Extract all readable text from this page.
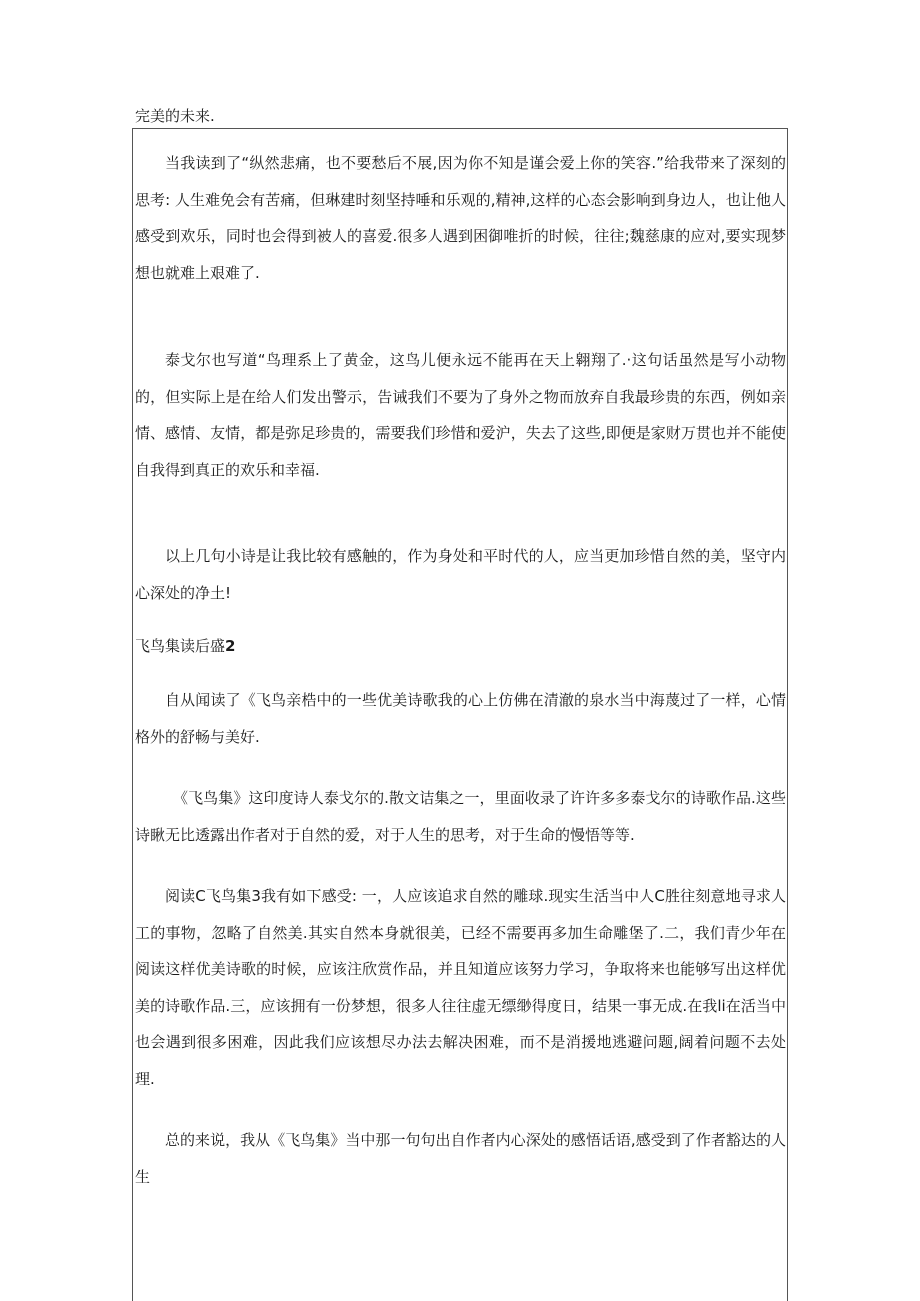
完美的未来.
当我读到了“纵然悲痛，也不要愁后不展,因为你不知是谨会爱上你的笑容.”给我带来了深刻的思考: 人生难免会有苦痛，但琳建时刻坚持唾和乐观的,精神,这样的心态会影响到身边人，也让他人感受到欢乐，同时也会得到被人的喜爱.很多人遇到困御唯折的时候，往往;魏慈康的应对,要实现梦想也就难上艰难了.
泰戈尔也写道“鸟理系上了黄金，这鸟儿便永远不能再在天上翱翔了.·这句话虽然是写小动物的，但实际上是在给人们发出警示，告诫我们不要为了身外之物而放弃自我最珍贵的东西，例如亲情、感情、友情，都是弥足珍贵的，需要我们珍惜和爱沪，失去了这些,即便是家财万贯也并不能使自我得到真正的欢乐和幸福.
以上几句小诗是让我比较有感触的，作为身处和平时代的人，应当更加珍惜自然的美，坚守内心深处的净土!
飞鸟集读后盛2
自从闻读了《飞鸟亲梏中的一些优美诗歌我的心上仿佛在清澈的泉水当中海蔑过了一样，心情格外的舒畅与美好.
《飞鸟集》这印度诗人泰戈尔的.散文诘集之一，里面收录了许许多多泰戈尔的诗歌作品.这些诗瞅无比透露出作者对于自然的爱，对于人生的思考，对于生命的慢悟等等.
阅读C飞鸟集3我有如下感受: 一，人应该追求自然的雕球.现实生活当中人C胜往刻意地寻求人工的事物，忽略了自然美.其实自然本身就很美，已经不需要再多加生命雕堡了.二，我们青少年在阅读这样优美诗歌的时候，应该注欣赏作品，并且知道应该努力学习，争取将来也能够写出这样优美的诗歌作品.三，应该拥有一份梦想，很多人往往虚无缥缈得度日，结果一事无成.在我li在活当中也会遇到很多困难，因此我们应该想尽办法去解决困难，而不是消援地逃避问题,阔着问题不去处理.
总的来说，我从《飞鸟集》当中那一句句出自作者内心深处的感悟话语,感受到了作者豁达的人生
